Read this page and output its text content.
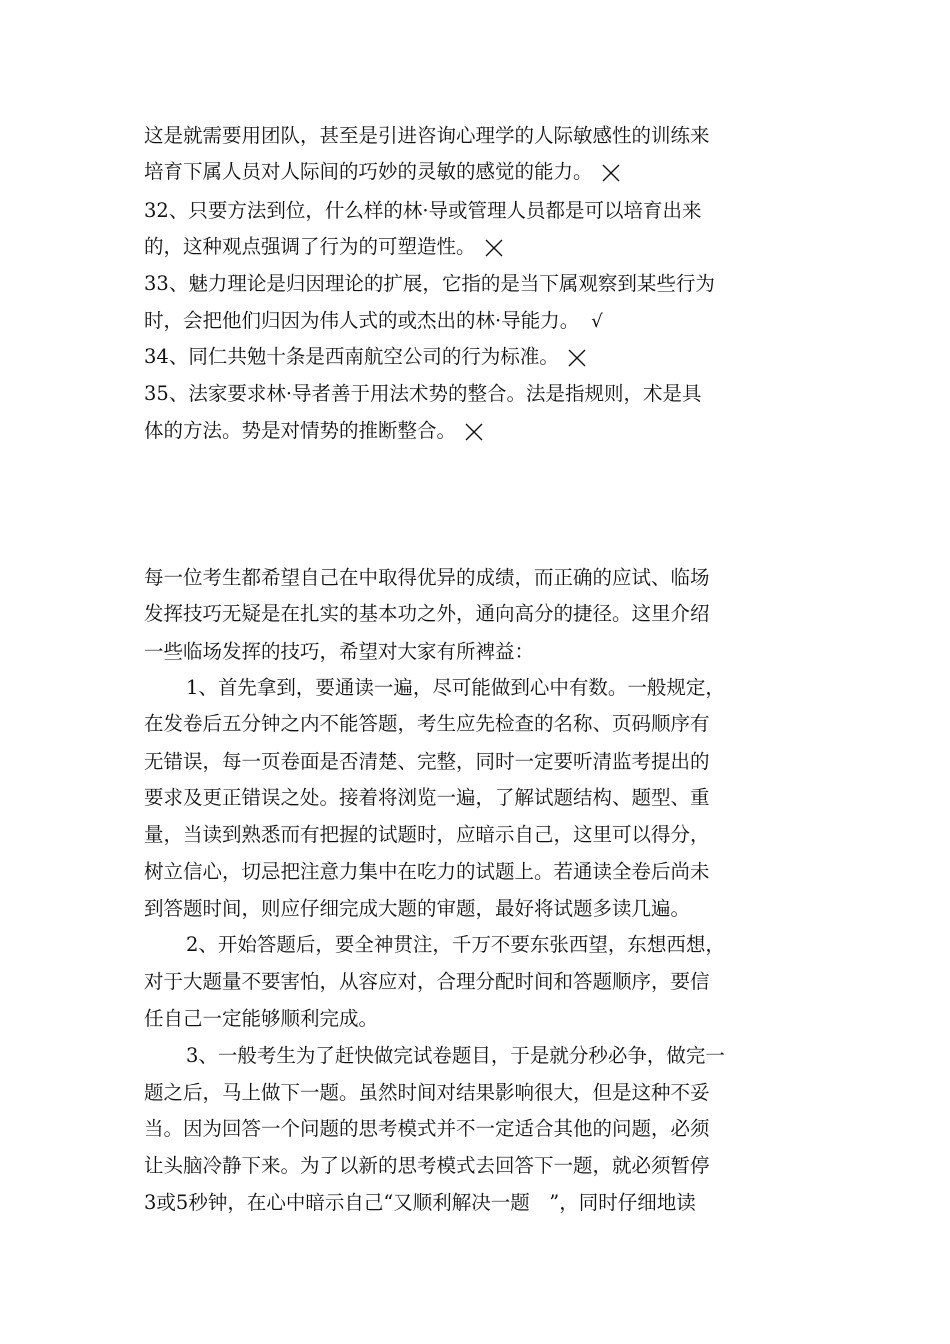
这是就需要用团队，甚至是引进咨询心理学的人际敏感性的训练来
培育下属人员对人际间的巧妙的灵敏的感觉的能力。
32、只要方法到位，什么样的林·导或管理人员都是可以培育出来
的，这种观点强调了行为的可塑造性。
33、魅力理论是归因理论的扩展，它指的是当下属观察到某些行为
时，会把他们归因为伟人式的或杰出的林·导能力。 √
34、同仁共勉十条是西南航空公司的行为标准。
35、法家要求林·导者善于用法术势的整合。法是指规则，术是具
体的方法。势是对情势的推断整合。
每一位考生都希望自己在中取得优异的成绩，而正确的应试、临场
发挥技巧无疑是在扎实的基本功之外，通向高分的捷径。这里介绍
一些临场发挥的技巧，希望对大家有所裨益：
1、首先拿到，要通读一遍，尽可能做到心中有数。一般规定，
在发卷后五分钟之内不能答题，考生应先检查的名称、页码顺序有
无错误，每一页卷面是否清楚、完整，同时一定要听清监考提出的
要求及更正错误之处。接着将浏览一遍，了解试题结构、题型、重
量，当读到熟悉而有把握的试题时，应暗示自己，这里可以得分，
树立信心，切忌把注意力集中在吃力的试题上。若通读全卷后尚未
到答题时间，则应仔细完成大题的审题，最好将试题多读几遍。
2、开始答题后，要全神贯注，千万不要东张西望，东想西想，
对于大题量不要害怕，从容应对，合理分配时间和答题顺序，要信
任自己一定能够顺利完成。
3、一般考生为了赶快做完试卷题目，于是就分秒必争，做完一
题之后，马上做下一题。虽然时间对结果影响很大，但是这种不妥
当。因为回答一个问题的思考模式并不一定适合其他的问题，必须
让头脑冷静下来。为了以新的思考模式去回答下一题，就必须暂停
3或5秒钟，在心中暗示自己“又顺利解决一题　”，同时仔细地读
